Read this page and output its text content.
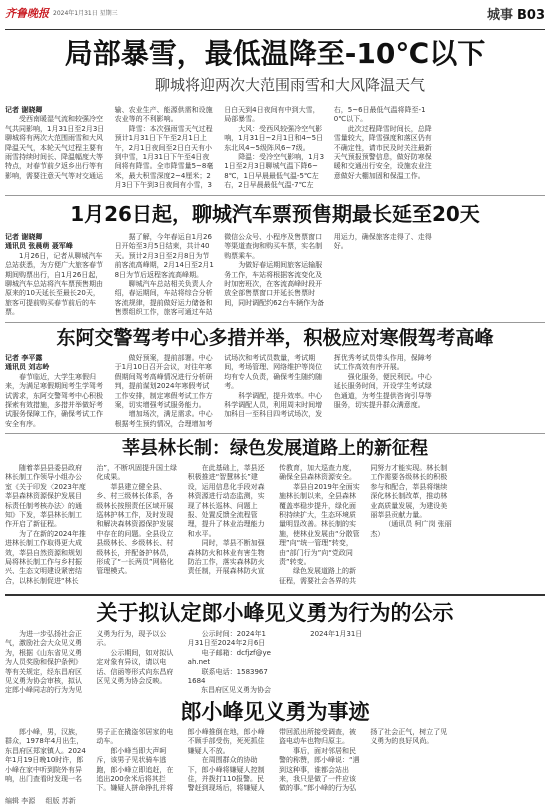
齐鲁晚报 2024年1月31日 星期三	城事 B03
局部暴雪，最低温降至-10℃以下
聊城将迎两次大范围雨雪和大风降温天气

记者 谢晓卿

受西南暖湿气流和较强冷空气共同影响，1月31日至2月3日聊城将有两次大范围雨雪和大风降温天气，本轮天气过程主要有雨雪持续时间长、降温幅度大等特点，对春节前夕返乡出行等有影响，需要注意天气等对交通运输、农业生产、能源供需和设施农业等的不利影响。

降雪：本次强雨雪天气过程预计1月31日下午至2月1日上午，2月1日夜间至2日白天有小到中雪，1月31日下午至4日夜间将有降雪。全市降雪量5~8毫米，最大积雪深度2~4厘米；2月3日下午到3日夜间有小雪，3日白天到4日夜间有中到大雪，局部暴雪。

大风：受西风较强冷空气影响，1月31日~2月1日和4~5日东北风4~5级阵风6~7级。

降温：受冷空气影响，1月31日至2月3日聊城气温下降6~8℃，1日早晨最低气温-5℃左右，2日早晨最低气温-7℃左右，5~6日最低气温将降至-10℃以下。

此次过程降雪时间长，总降雪量较大，降雪强度和落区仍有不确定性，请市民及时关注最新天气预报预警信息，做好防寒保暖和交通出行安全，设施农业注意做好大棚加固和保温工作。

1月26日起，聊城汽车票预售期最长延至20天

记者 谢晓卿

通讯员 张晨萌 聂军峰

1月26日，记者从聊城汽车总站获悉，为方便广大旅客春节期间购票出行，自1月26日起，聊城汽车总站将汽车票预售期由原来的10天延长至最长20天，旅客可提前购买春节前后的车票。

据了解，今年春运自1月26日开始至3月5日结束，共计40天。预计2月3日至2月8日为节前客流高峰期，2月14日至2月18日为节后返程客流高峰期。

聊城汽车总站相关负责人介绍，春运期间，车站将综合分析客流规律，提前做好运力储备和售票组织工作，旅客可通过车站微信公众号、小程序及售票窗口等渠道查询和购买车票，实名制购票乘车。

为做好春运期间旅客运输服务工作，车站将根据客流变化及时加密班次，在客流高峰时段开放全部售票窗口并延长售票时间，同时调配约62台车辆作为备用运力，确保旅客走得了、走得好。

东阿交警驾考中心多措并举，积极应对寒假驾考高峰

记者 李平露

通讯员 刘志岭

春节临近，大学生寒假归来，为满足寒假期间考生学驾考试需求，东阿交警驾考中心积极探索有效措施，多措并举做好考试服务保障工作，确保考试工作安全有序。

做好预案，提前部署。中心于1月10日召开会议，对往年寒假期间驾考高峰情况进行分析研判，提前谋划2024年寒假考试工作安排，制定寒假考试工作方案，切实增强考试服务能力。

增加场次，满足需求。中心根据考生预约情况，合理增加考试场次和考试员数量，考试期间，考场管理、网络维护等岗位均有专人负责，确保考生随约随考。

科学调配，提升效率。中心科学调配人员，利用周末时间增加科目一至科目四考试场次，发挥优秀考试员带头作用，保障考试工作高效有序开展。

强化服务，便民利民。中心延长服务时间，开设学生考试绿色通道，为考生提供咨询引导等服务，切实提升群众满意度。

莘县林长制：绿色发展道路上的新征程

随着莘县县委县政府林长制工作领导小组办公室《关于印发〈2023年度莘县森林资源保护发展目标责任制考核办法〉的通知》下发，莘县林长制工作开启了新征程。

为了在新的2024年推进林长制工作取得更大成效，莘县自然资源和规划局将林长制工作与乡村振兴、生态文明建设紧密结合，以林长制促进“林长治”，不断巩固提升国土绿化成果。

莘县建立健全县、乡、村三级林长体系，各级林长按照责任区域开展巡林护林工作，及时发现和解决森林资源保护发展中存在的问题。全县设立县级林长、乡级林长、村级林长，并配备护林员，形成了“一长两员”网格化管理模式。

在此基础上，莘县还积极推进“智慧林长”建设，运用信息化手段对森林资源进行动态监测，实现了林长巡林、问题上报、处置反馈全流程管理，提升了林业治理能力和水平。

同时，莘县不断加强森林防火和林业有害生物防治工作，落实森林防火责任制，开展森林防火宣传教育，加大巡查力度，确保全县森林资源安全。

莘县自2019年全面实施林长制以来，全县森林覆盖率稳步提升，绿化面积持续扩大，生态环境质量明显改善。林长制的实施，使林业发展由“分散管理”向“统一管理”转变，由“部门行为”向“党政同责”转变。

绿色发展道路上的新征程，需要社会各界的共同努力才能实现。林长制工作需要各级林长的积极参与和配合，莘县将继续深化林长制改革，推动林业高质量发展，为建设美丽莘县贡献力量。

（通讯员 柯广岗 张丽杰）

关于拟认定郎小峰见义勇为行为的公示

为进一步弘扬社会正气，激励社会大众见义勇为，根据《山东省见义勇为人员奖励和保护条例》等有关规定，经东昌府区见义勇为协会审核，拟认定郎小峰同志的行为为见义勇为行为，现予以公示。

公示期间，如对拟认定对象有异议，请以电话、信函等形式向东昌府区见义勇为协会反映。

公示时间：2024年1月31日至2024年2月6日

电子邮箱：dcfjzf@yeah.net

联系电话：15839671684

东昌府区见义勇为协会

2024年1月31日

郎小峰见义勇为事迹

郎小峰，男，汉族，群众，1978年4月出生，东昌府区郑家镇人。2024年1月19日晚10时许，郎小峰在家中听到院外有异响，出门查看时发现一名男子正在撬盗邻居家的电动车。

郎小峰当即大声呵斥，该男子见状骑车逃跑，郎小峰立即追赶，在追出200余米后将其拦下。嫌疑人拼命挣扎并将郎小峰推倒在地，郎小峰不顾手部受伤，死死抓住嫌疑人不放。

在周围群众的协助下，郎小峰将嫌疑人控制住，并拨打110报警。民警赶到现场后，将嫌疑人带回派出所接受调查，被盗电动车也物归原主。

事后，面对邻居和民警的称赞，郎小峰说：“遇到这种事，谁都会站出来，我只是做了一件应该做的事。”郎小峰的行为弘扬了社会正气，树立了见义勇为的良好风尚。

编辑 李源 组版 苏新
